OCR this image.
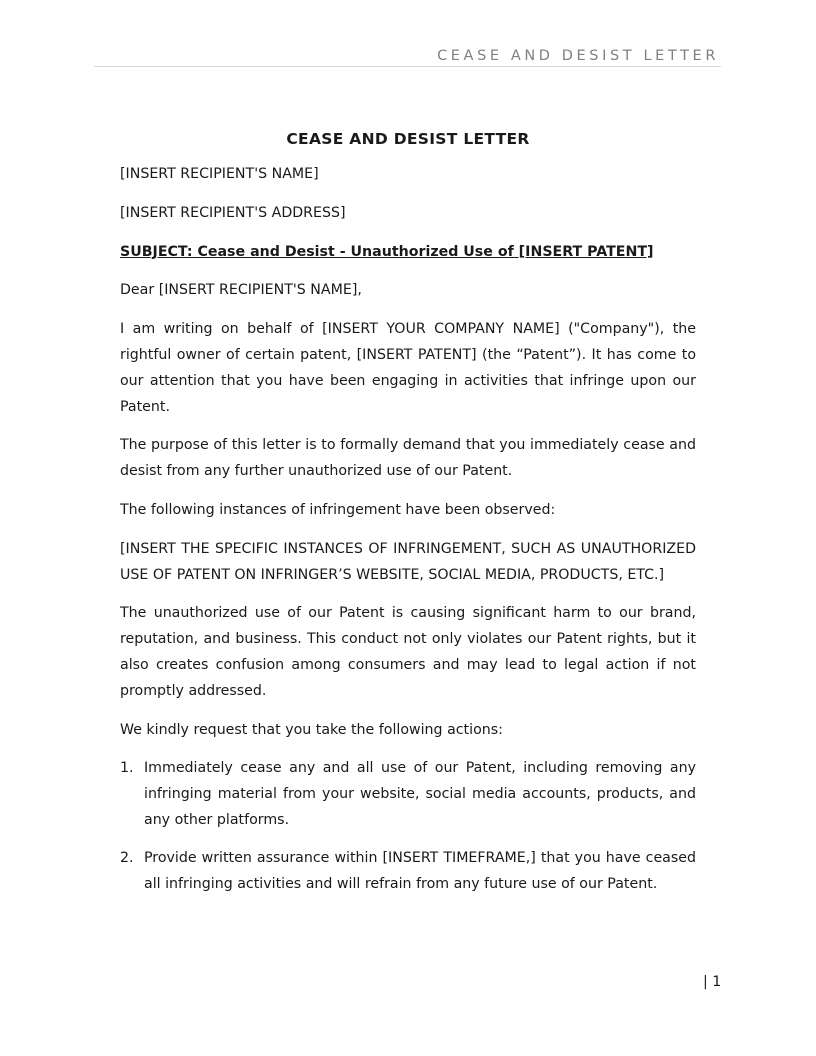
CEASE AND DESIST LETTER
CEASE AND DESIST LETTER

[INSERT RECIPIENT'S NAME]

[INSERT RECIPIENT'S ADDRESS]

SUBJECT: Cease and Desist - Unauthorized Use of [INSERT PATENT]

Dear [INSERT RECIPIENT'S NAME],

I am writing on behalf of [INSERT YOUR COMPANY NAME] ("Company"), the rightful owner of certain patent, [INSERT PATENT] (the “Patent”). It has come to our attention that you have been engaging in activities that infringe upon our Patent.

The purpose of this letter is to formally demand that you immediately cease and desist from any further unauthorized use of our Patent.

The following instances of infringement have been observed:

[INSERT THE SPECIFIC INSTANCES OF INFRINGEMENT, SUCH AS UNAUTHORIZED USE OF PATENT ON INFRINGER’S WEBSITE, SOCIAL MEDIA, PRODUCTS, ETC.]

The unauthorized use of our Patent is causing significant harm to our brand, reputation, and business. This conduct not only violates our Patent rights, but it also creates confusion among consumers and may lead to legal action if not promptly addressed.

We kindly request that you take the following actions:

1. Immediately cease any and all use of our Patent, including removing any infringing material from your website, social media accounts, products, and any other platforms.
2. Provide written assurance within [INSERT TIMEFRAME,] that you have ceased all infringing activities and will refrain from any future use of our Patent.
| 1
